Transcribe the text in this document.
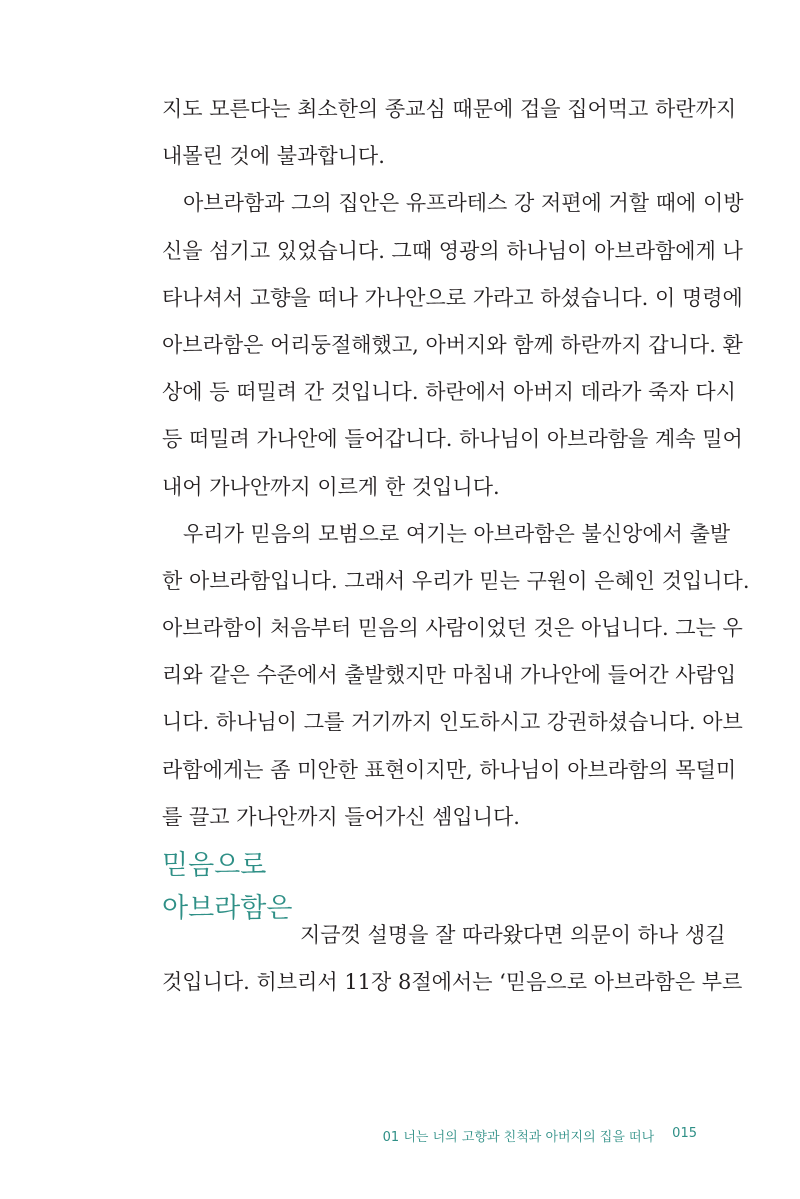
지도 모른다는 최소한의 종교심 때문에 겁을 집어먹고 하란까지
내몰린 것에 불과합니다.
아브라함과 그의 집안은 유프라테스 강 저편에 거할 때에 이방
신을 섬기고 있었습니다. 그때 영광의 하나님이 아브라함에게 나
타나셔서 고향을 떠나 가나안으로 가라고 하셨습니다. 이 명령에
아브라함은 어리둥절해했고, 아버지와 함께 하란까지 갑니다. 환
상에 등 떠밀려 간 것입니다. 하란에서 아버지 데라가 죽자 다시
등 떠밀려 가나안에 들어갑니다. 하나님이 아브라함을 계속 밀어
내어 가나안까지 이르게 한 것입니다.
우리가 믿음의 모범으로 여기는 아브라함은 불신앙에서 출발
한 아브라함입니다. 그래서 우리가 믿는 구원이 은혜인 것입니다.
아브라함이 처음부터 믿음의 사람이었던 것은 아닙니다. 그는 우
리와 같은 수준에서 출발했지만 마침내 가나안에 들어간 사람입
니다. 하나님이 그를 거기까지 인도하시고 강권하셨습니다. 아브
라함에게는 좀 미안한 표현이지만, 하나님이 아브라함의 목덜미
를 끌고 가나안까지 들어가신 셈입니다.
믿음으로
아브라함은
지금껏 설명을 잘 따라왔다면 의문이 하나 생길
것입니다. 히브리서 11장 8절에서는 ‘믿음으로 아브라함은 부르
01 너는 너의 고향과 친척과 아버지의 집을 떠나 015
